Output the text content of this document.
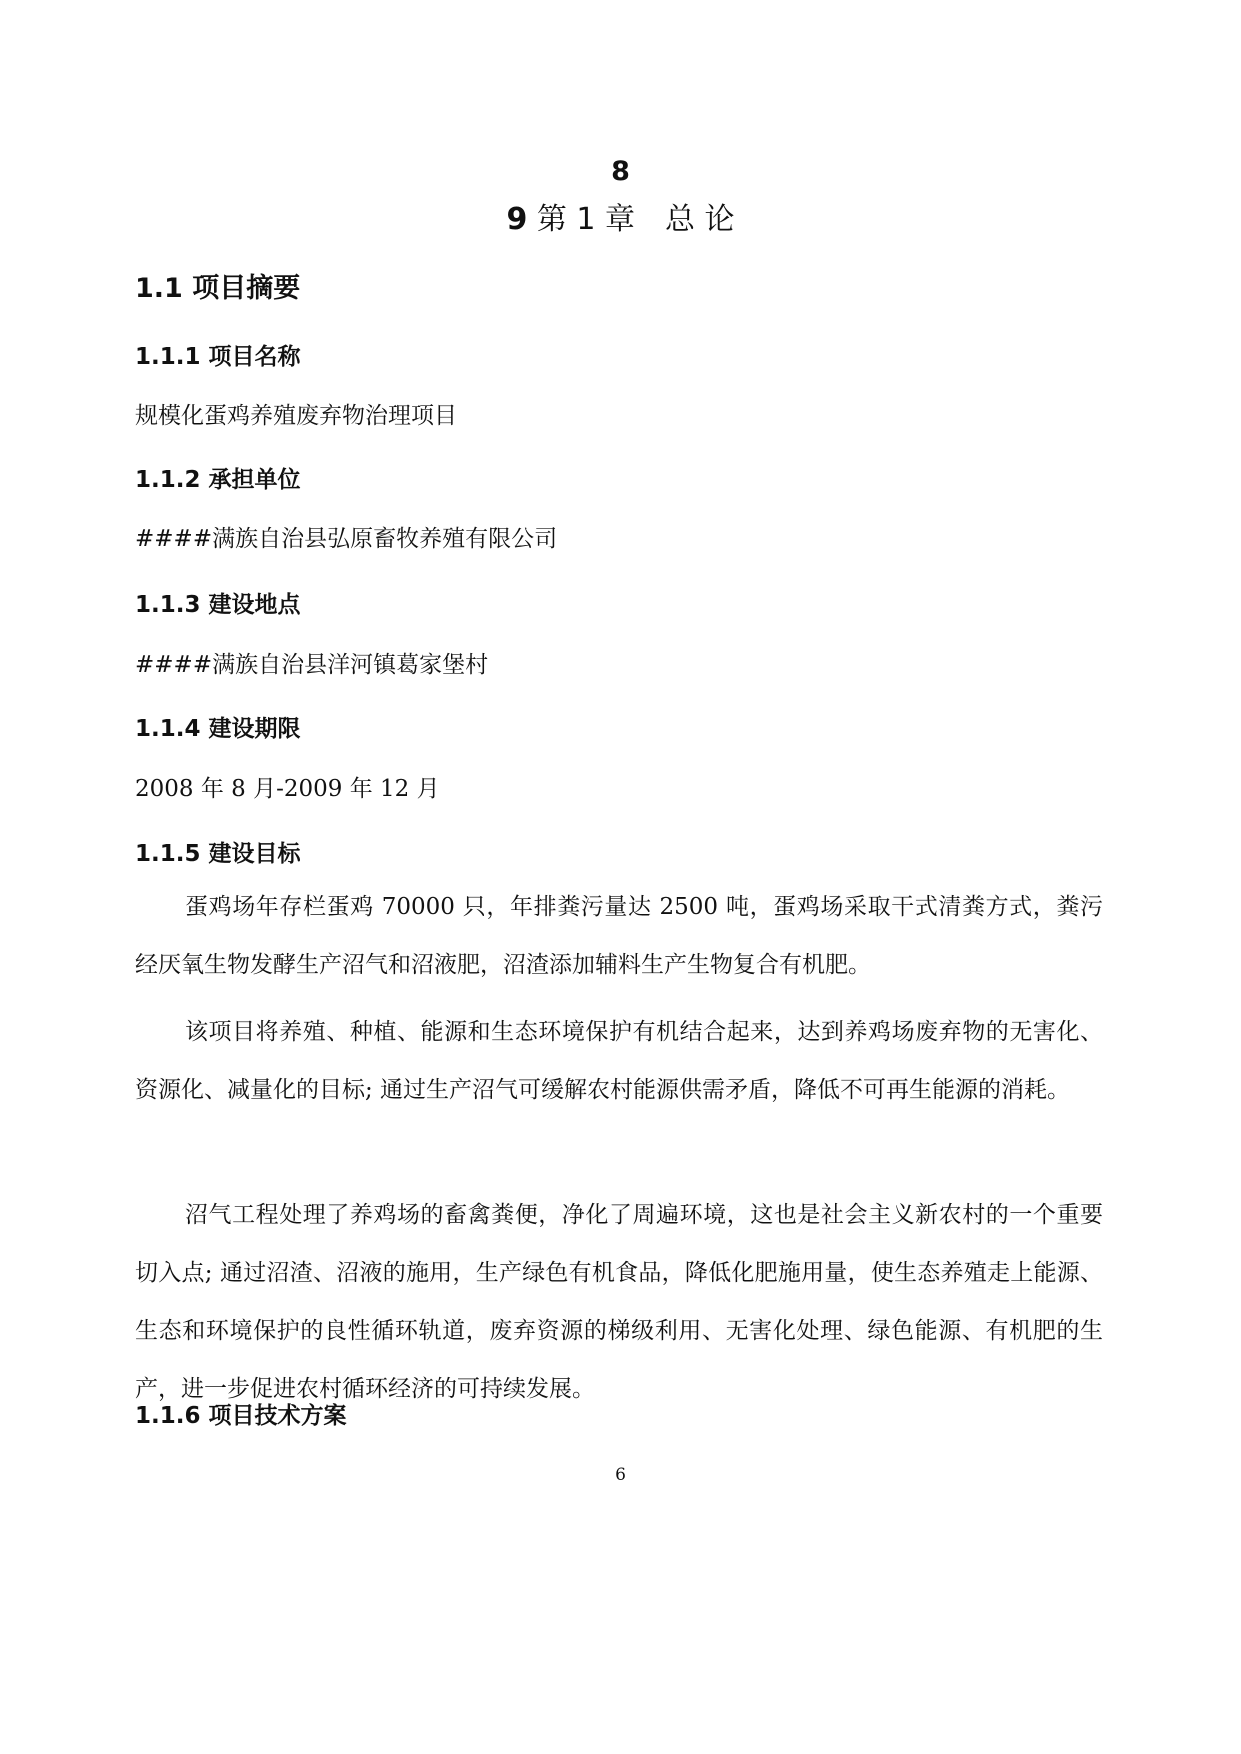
8
9 第 1 章　总 论
1.1 项目摘要
1.1.1 项目名称
规模化蛋鸡养殖废弃物治理项目
1.1.2 承担单位
####满族自治县弘原畜牧养殖有限公司
1.1.3 建设地点
####满族自治县洋河镇葛家堡村
1.1.4 建设期限
2008 年 8 月-2009 年 12 月
1.1.5 建设目标
蛋鸡场年存栏蛋鸡 70000 只，年排粪污量达 2500 吨，蛋鸡场采取干式清粪方式，粪污经厌氧生物发酵生产沼气和沼液肥，沼渣添加辅料生产生物复合有机肥。
该项目将养殖、种植、能源和生态环境保护有机结合起来，达到养鸡场废弃物的无害化、资源化、减量化的目标; 通过生产沼气可缓解农村能源供需矛盾，降低不可再生能源的消耗。
沼气工程处理了养鸡场的畜禽粪便，净化了周遍环境，这也是社会主义新农村的一个重要切入点; 通过沼渣、沼液的施用，生产绿色有机食品，降低化肥施用量，使生态养殖走上能源、生态和环境保护的良性循环轨道，废弃资源的梯级利用、无害化处理、绿色能源、有机肥的生产，进一步促进农村循环经济的可持续发展。
1.1.6 项目技术方案
6
